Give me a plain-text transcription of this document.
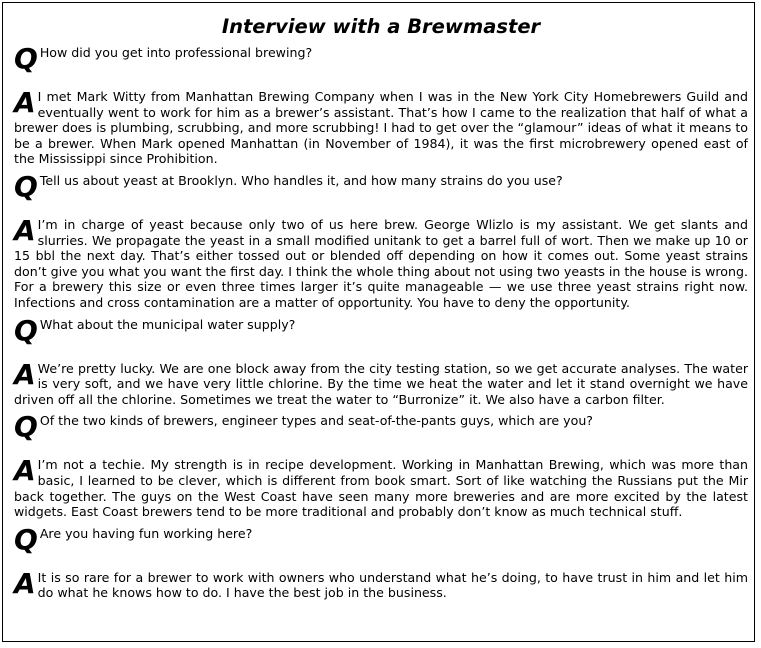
Interview with a Brewmaster
Q How did you get into professional brewing?
A I met Mark Witty from Manhattan Brewing Company when I was in the New York City Homebrewers Guild and eventually went to work for him as a brewer’s assistant. That’s how I came to the realization that half of what a brewer does is plumbing, scrubbing, and more scrubbing! I had to get over the “glamour” ideas of what it means to be a brewer. When Mark opened Manhattan (in November of 1984), it was the first microbrewery opened east of the Mississippi since Prohibition.
Q Tell us about yeast at Brooklyn. Who handles it, and how many strains do you use?
A I’m in charge of yeast because only two of us here brew. George Wlizlo is my assistant. We get slants and slurries. We propagate the yeast in a small modified unitank to get a barrel full of wort. Then we make up 10 or 15 bbl the next day. That’s either tossed out or blended off depending on how it comes out. Some yeast strains don’t give you what you want the first day. I think the whole thing about not using two yeasts in the house is wrong. For a brewery this size or even three times larger it’s quite manageable — we use three yeast strains right now. Infections and cross contamination are a matter of opportunity. You have to deny the opportunity.
Q What about the municipal water supply?
A We’re pretty lucky. We are one block away from the city testing station, so we get accurate analyses. The water is very soft, and we have very little chlorine. By the time we heat the water and let it stand overnight we have driven off all the chlorine. Sometimes we treat the water to “Burronize” it. We also have a carbon filter.
Q Of the two kinds of brewers, engineer types and seat-of-the-pants guys, which are you?
A I’m not a techie. My strength is in recipe development. Working in Manhattan Brewing, which was more than basic, I learned to be clever, which is different from book smart. Sort of like watching the Russians put the Mir back together. The guys on the West Coast have seen many more breweries and are more excited by the latest widgets. East Coast brewers tend to be more traditional and probably don’t know as much technical stuff.
Q Are you having fun working here?
A It is so rare for a brewer to work with owners who understand what he’s doing, to have trust in him and let him do what he knows how to do. I have the best job in the business.
